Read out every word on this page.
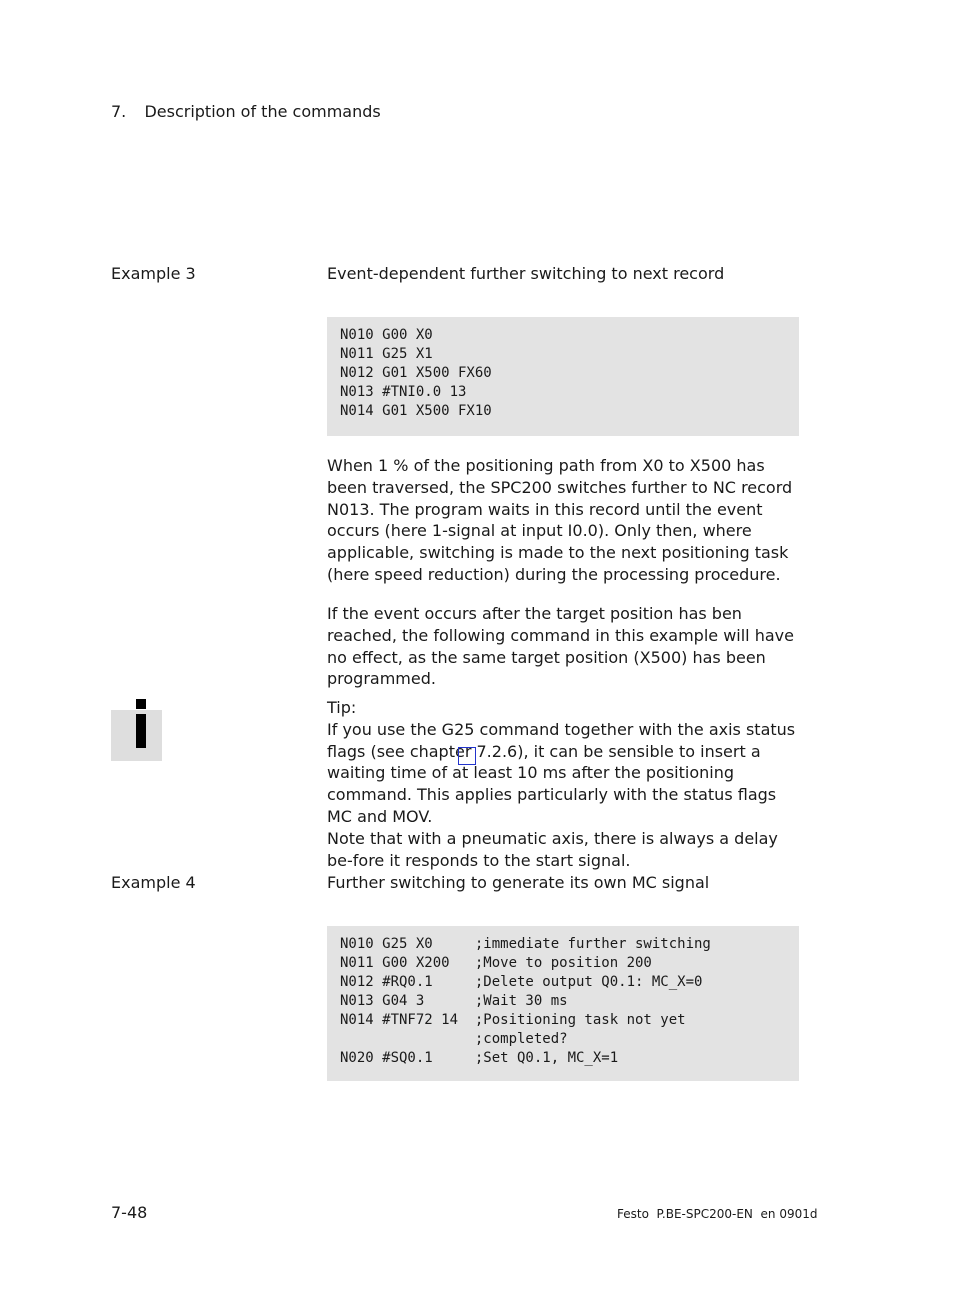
7. Description of the commands
Example 3	Event-dependent further switching to next record
N010 G00 X0
N011 G25 X1
N012 G01 X500 FX60
N013 #TNI0.0 13
N014 G01 X500 FX10

When 1 % of the positioning path from X0 to X500 has been traversed, the SPC200 switches further to NC record N013. The program waits in this record until the event occurs (here 1-signal at input I0.0). Only then, where applicable, switching is made to the next positioning task (here speed reduction) during the processing procedure.

If the event occurs after the target position has ben reached, the following command in this example will have no effect, as the same target position (X500) has been programmed.

Tip:

If you use the G25 command together with the axis status flags (see chapter 7.2.6), it can be sensible to insert a waiting time of at least 10 ms after the positioning command. This applies particularly with the status flags MC and MOV.

Note that with a pneumatic axis, there is always a delay be-fore it responds to the start signal.

Example 4	Further switching to generate its own MC signal
N010 G25 X0     ;immediate further switching
N011 G00 X200   ;Move to position 200
N012 #RQ0.1     ;Delete output Q0.1: MC_X=0
N013 G04 3      ;Wait 30 ms
N014 #TNF72 14  ;Positioning task not yet
;completed?
N020 #SQ0.1     ;Set Q0.1, MC_X=1
7-48	Festo  P.BE-SPC200-EN  en 0901d
